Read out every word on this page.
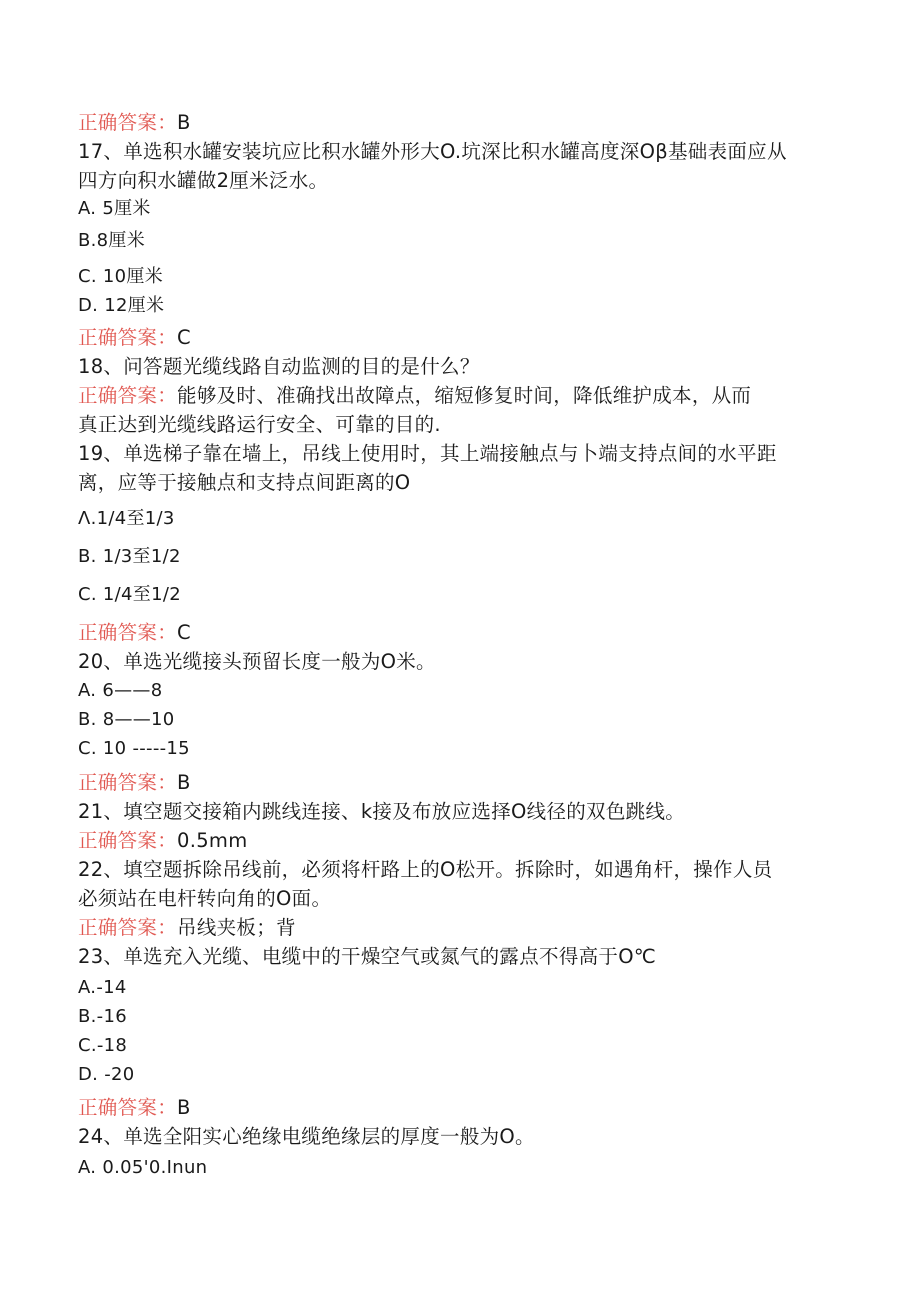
正确答案：B
17、单选积水罐安装坑应比积水罐外形大O.坑深比积水罐高度深Oβ基础表面应从
四方向积水罐做2厘米泛水。
A. 5厘米
B.8厘米
C. 10厘米
D. 12厘米
正确答案：C
18、问答题光缆线路自动监测的目的是什么？
正确答案：能够及时、准确找出故障点，缩短修复时间，降低维护成本，从而
真正达到光缆线路运行安全、可靠的目的.
19、单选梯子靠在墙上，吊线上使用时，其上端接触点与卜端支持点间的水平距
离，应等于接触点和支持点间距离的O
Λ.1/4至1/3
B. 1/3至1/2
C. 1/4至1/2
正确答案：C
20、单选光缆接头预留长度一般为O米。
A. 6——8
B. 8——10
C. 10 -----15
正确答案：B
21、填空题交接箱内跳线连接、k接及布放应选择O线径的双色跳线。
正确答案：0.5mm
22、填空题拆除吊线前，必须将杆路上的O松开。拆除时，如遇角杆，操作人员
必须站在电杆转向角的O面。
正确答案：吊线夹板；背
23、单选充入光缆、电缆中的干燥空气或氮气的露点不得高于O℃
A.-14
B.-16
C.-18
D. -20
正确答案：B
24、单选全阳实心绝缘电缆绝缘层的厚度一般为O。
A. 0.05'0.Inun
